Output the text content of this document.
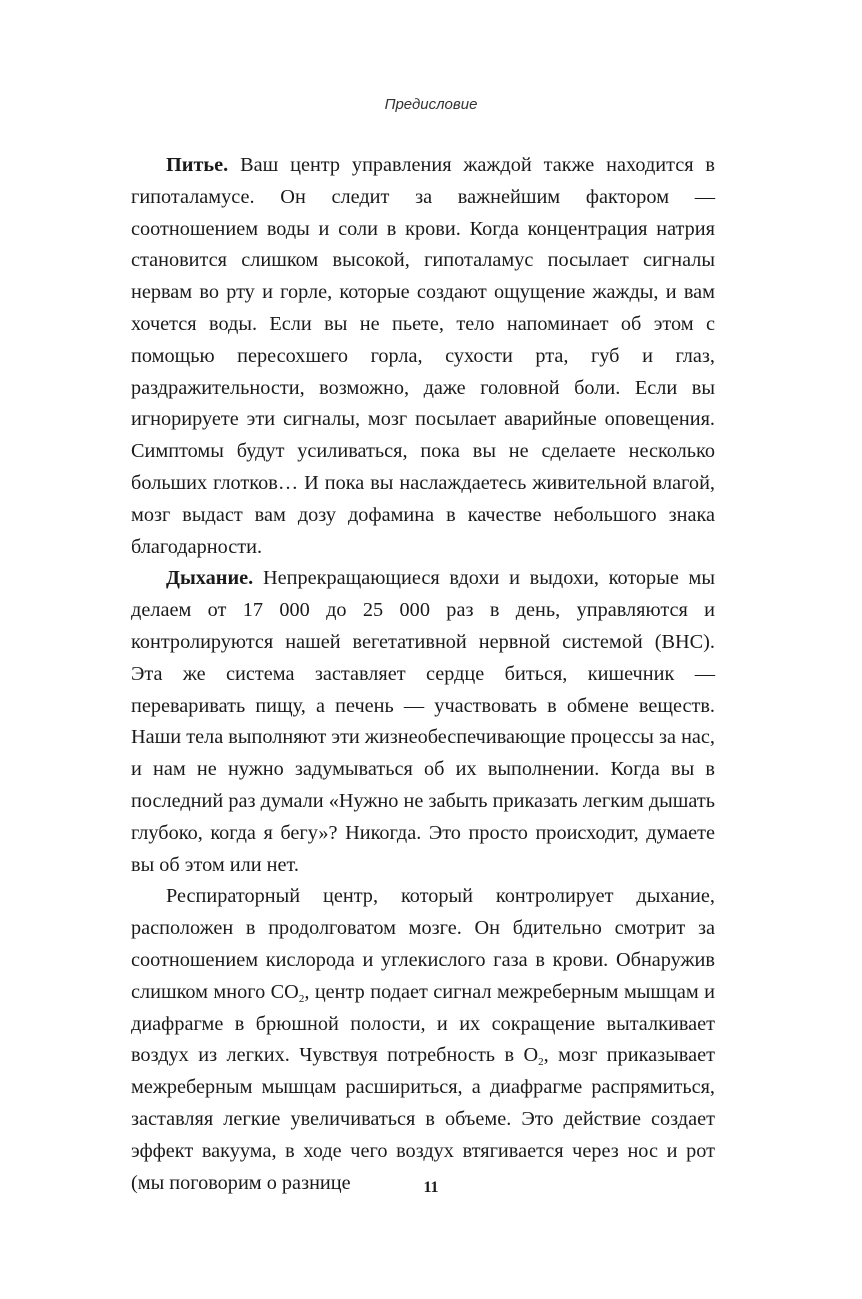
Предисловие

Питье. Ваш центр управления жаждой также находится в гипоталамусе. Он следит за важнейшим фактором — соотношением воды и соли в крови. Когда концентрация натрия становится слишком высокой, гипоталамус посылает сигналы нервам во рту и горле, которые создают ощущение жажды, и вам хочется воды. Если вы не пьете, тело напоминает об этом с помощью пересохшего горла, сухости рта, губ и глаз, раздражительности, возможно, даже головной боли. Если вы игнорируете эти сигналы, мозг посылает аварийные оповещения. Симптомы будут усиливаться, пока вы не сделаете несколько больших глотков… И пока вы наслаждаетесь живительной влагой, мозг выдаст вам дозу дофамина в качестве небольшого знака благодарности.

Дыхание. Непрекращающиеся вдохи и выдохи, которые мы делаем от 17 000 до 25 000 раз в день, управляются и контролируются нашей вегетативной нервной системой (ВНС). Эта же система заставляет сердце биться, кишечник — переваривать пищу, а печень — участвовать в обмене веществ. Наши тела выполняют эти жизнеобеспечивающие процессы за нас, и нам не нужно задумываться об их выполнении. Когда вы в последний раз думали «Нужно не забыть приказать легким дышать глубоко, когда я бегу»? Никогда. Это просто происходит, думаете вы об этом или нет.

Респираторный центр, который контролирует дыхание, расположен в продолговатом мозге. Он бдительно смотрит за соотношением кислорода и углекислого газа в крови. Обнаружив слишком много $СО_2$, центр подает сигнал межреберным мышцам и диафрагме в брюшной полости, и их сокращение выталкивает воздух из легких. Чувствуя потребность в $О_2$, мозг приказывает межреберным мышцам расшириться, а диафрагме распрямиться, заставляя легкие увеличиваться в объеме. Это действие создает эффект вакуума, в ходе чего воздух втягивается через нос и рот (мы поговорим о разнице	11
